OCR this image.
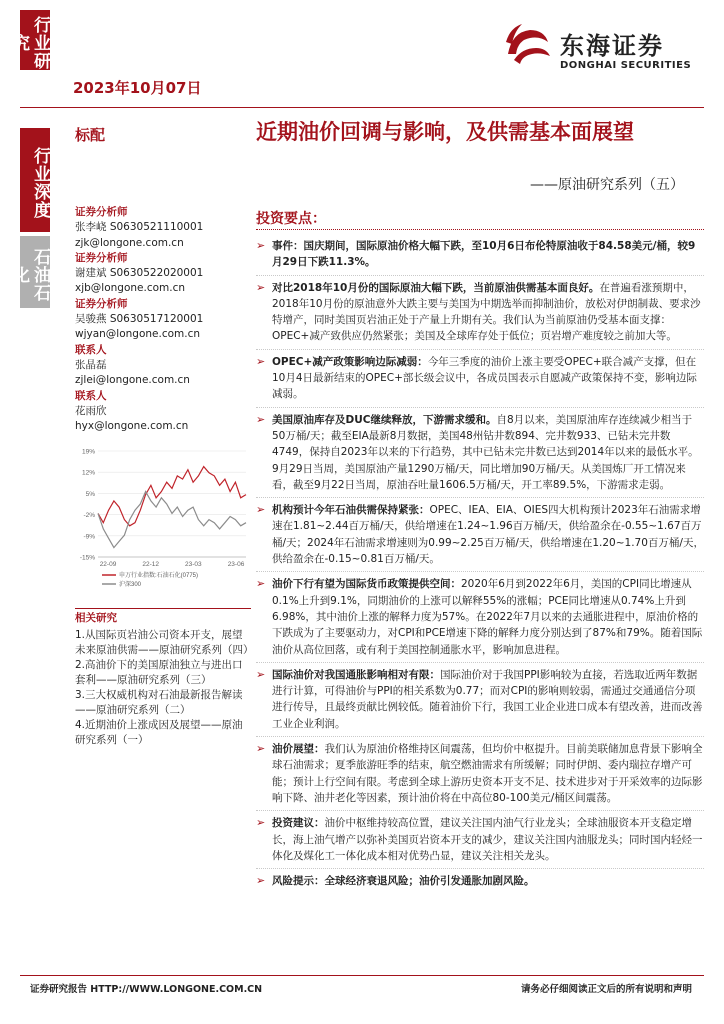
行业研究
行业深度
石油石化
2023年10月07日
东海证券
DONGHAI SECURITIES
标配	近期油价回调与影响，及供需基本面展望
——原油研究系列（五）
证券分析师
张李峣 S0630521110001
zjk@longone.com.cn
证券分析师
谢建斌 S0630522020001
xjb@longone.com.cn
证券分析师
吴骏燕 S0630517120001
wjyan@longone.com.cn
联系人
张晶磊
zjlei@longone.com.cn
联系人
花雨欣
hyx@longone.com.cn
19%
12%
5%
-2%
-9%
-15%
22-09	22-12	23-03	23-06
申万行业指数:石油石化(0775)
沪深300
相关研究
1.从国际页岩油公司资本开支，展望未来原油供需——原油研究系列（四）
2.高油价下的美国原油独立与进出口套利——原油研究系列（三）
3.三大权威机构对石油最新报告解读——原油研究系列（二）
4.近期油价上涨成因及展望——原油研究系列（一）
投资要点：
➢ 事件：国庆期间，国际原油价格大幅下跌，至10月6日布伦特原油收于84.58美元/桶，较9月29日下跌11.3%。
➢ 对比2018年10月份的国际原油大幅下跌，当前原油供需基本面良好。在普遍看涨预期中，2018年10月份的原油意外大跌主要与美国为中期选举而抑制油价，放松对伊朗制裁、要求沙特增产，同时美国页岩油正处于产量上升期有关。我们认为当前原油仍受基本面支撑：OPEC+减产致供应仍然紧张；美国及全球库存处于低位；页岩增产难度较之前加大等。
➢ OPEC+减产政策影响边际减弱：今年三季度的油价上涨主要受OPEC+联合减产支撑，但在10月4日最新结束的OPEC+部长级会议中，各成员国表示自愿减产政策保持不变，影响边际减弱。
➢ 美国原油库存及DUC继续释放，下游需求缓和。自8月以来，美国原油库存连续减少相当于50万桶/天；截至EIA最新8月数据，美国48州钻井数894、完井数933、已钻未完井数4749，保持自2023年以来的下行趋势，其中已钻未完井数已达到2014年以来的最低水平。9月29日当周，美国原油产量1290万桶/天，同比增加90万桶/天。从美国炼厂开工情况来看，截至9月22日当周，原油吞吐量1606.5万桶/天，开工率89.5%，下游需求走弱。
➢ 机构预计今年石油供需保持紧张：OPEC、IEA、EIA、OIES四大机构预计2023年石油需求增速在1.81~2.44百万桶/天，供给增速在1.24~1.96百万桶/天，供给盈余在-0.55~1.67百万桶/天；2024年石油需求增速则为0.99~2.25百万桶/天，供给增速在1.20~1.70百万桶/天，供给盈余在-0.15~0.81百万桶/天。
➢ 油价下行有望为国际货币政策提供空间：2020年6月到2022年6月，美国的CPI同比增速从0.1%上升到9.1%，同期油价的上涨可以解释55%的涨幅；PCE同比增速从0.74%上升到6.98%，其中油价上涨的解释力度为57%。在2022年7月以来的去通胀进程中，原油价格的下跌成为了主要驱动力，对CPI和PCE增速下降的解释力度分别达到了87%和79%。随着国际油价从高位回落，或有利于美国控制通胀水平，影响加息进程。
➢ 国际油价对我国通胀影响相对有限：国际油价对于我国PPI影响较为直接，若选取近两年数据进行计算，可得油价与PPI的相关系数为0.77；而对CPI的影响则较弱，需通过交通通信分项进行传导，且最终贡献比例较低。随着油价下行，我国工业企业进口成本有望改善，进而改善工业企业利润。
➢ 油价展望：我们认为原油价格维持区间震荡，但均价中枢提升。目前美联储加息背景下影响全球石油需求；夏季旅游旺季的结束，航空燃油需求有所缓解；同时伊朗、委内瑞拉存增产可能；预计上行空间有限。考虑到全球上游历史资本开支不足、技术进步对于开采效率的边际影响下降、油井老化等因素，预计油价将在中高位80-100美元/桶区间震荡。
➢ 投资建议：油价中枢维持较高位置，建议关注国内油气行业龙头；全球油服资本开支稳定增长，海上油气增产以弥补美国页岩资本开支的减少，建议关注国内油服龙头；同时国内轻烃一体化及煤化工一体化成本相对优势凸显，建议关注相关龙头。
➢ 风险提示：全球经济衰退风险；油价引发通胀加剧风险。
证券研究报告 HTTP://WWW.LONGONE.COM.CN	请务必仔细阅读正文后的所有说明和声明
